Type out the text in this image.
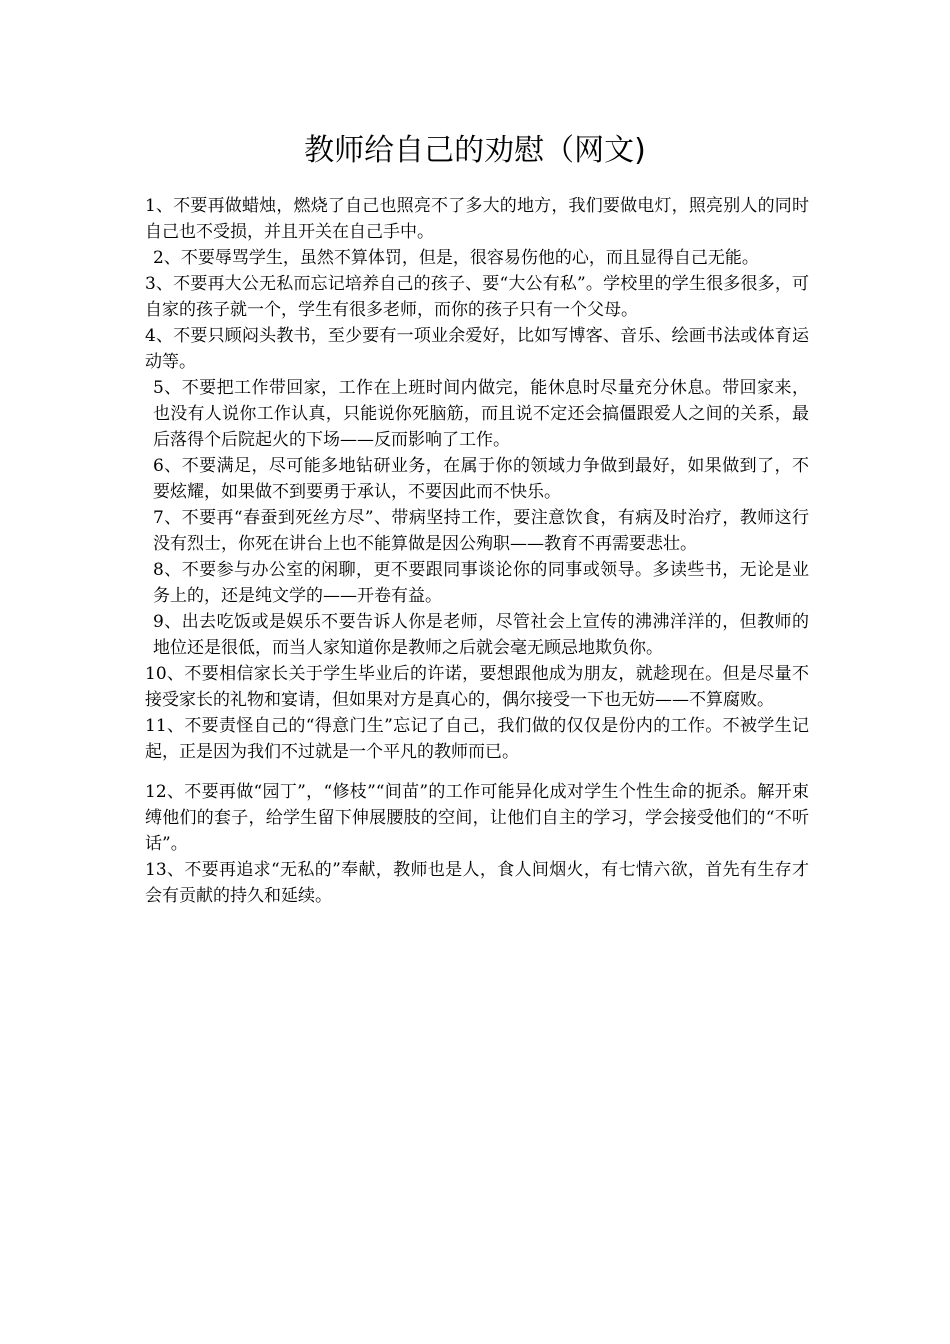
教师给自己的劝慰（网文)

1、不要再做蜡烛，燃烧了自己也照亮不了多大的地方，我们要做电灯，照亮别人的同时自己也不受损，并且开关在自己手中。

2、不要辱骂学生，虽然不算体罚，但是，很容易伤他的心，而且显得自己无能。

3、不要再大公无私而忘记培养自己的孩子、要“大公有私”。学校里的学生很多很多，可自家的孩子就一个，学生有很多老师，而你的孩子只有一个父母。

4、不要只顾闷头教书，至少要有一项业余爱好，比如写博客、音乐、绘画书法或体育运动等。

5、不要把工作带回家，工作在上班时间内做完，能休息时尽量充分休息。带回家来，也没有人说你工作认真，只能说你死脑筋，而且说不定还会搞僵跟爱人之间的关系，最后落得个后院起火的下场——反而影响了工作。

6、不要满足，尽可能多地钻研业务，在属于你的领域力争做到最好，如果做到了，不要炫耀，如果做不到要勇于承认，不要因此而不快乐。

7、不要再“春蚕到死丝方尽”、带病坚持工作，要注意饮食，有病及时治疗，教师这行没有烈士，你死在讲台上也不能算做是因公殉职——教育不再需要悲壮。

8、不要参与办公室的闲聊，更不要跟同事谈论你的同事或领导。多读些书，无论是业务上的，还是纯文学的——开卷有益。

9、出去吃饭或是娱乐不要告诉人你是老师，尽管社会上宣传的沸沸洋洋的，但教师的地位还是很低，而当人家知道你是教师之后就会毫无顾忌地欺负你。

10、不要相信家长关于学生毕业后的许诺，要想跟他成为朋友，就趁现在。但是尽量不接受家长的礼物和宴请，但如果对方是真心的，偶尔接受一下也无妨——不算腐败。

11、不要责怪自己的“得意门生”忘记了自己，我们做的仅仅是份内的工作。不被学生记起，正是因为我们不过就是一个平凡的教师而已。

12、不要再做“园丁”，“修枝”“间苗”的工作可能异化成对学生个性生命的扼杀。解开束缚他们的套子，给学生留下伸展腰肢的空间，让他们自主的学习，学会接受他们的“不听话”。

13、不要再追求“无私的”奉献，教师也是人，食人间烟火，有七情六欲，首先有生存才会有贡献的持久和延续。
